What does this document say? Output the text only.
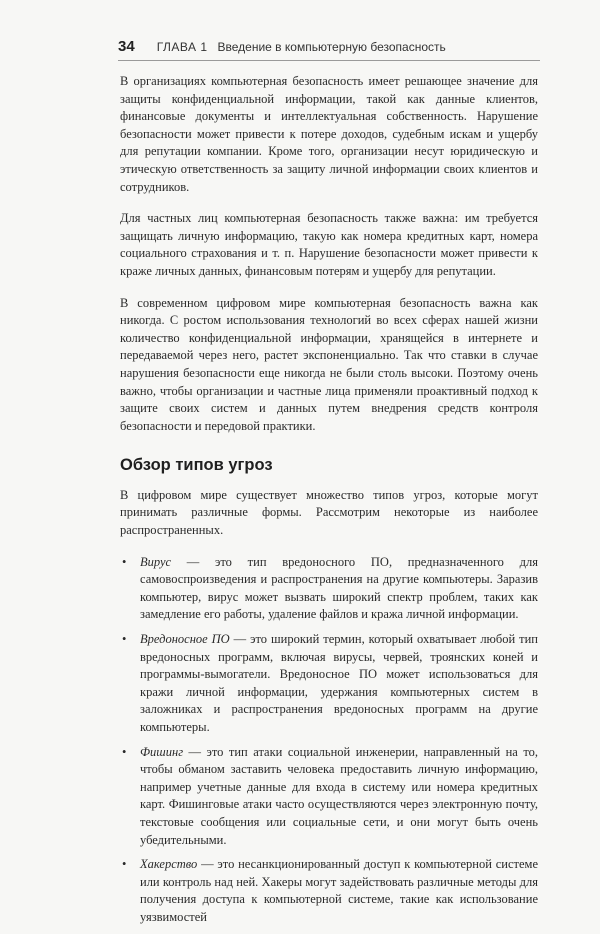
34 ГЛАВА 1 Введение в компьютерную безопасность

В организациях компьютерная безопасность имеет решающее значение для защиты конфиденциальной информации, такой как данные клиентов, финансовые документы и интеллектуальная собственность. Нарушение безопасности может привести к потере доходов, судебным искам и ущербу для репутации компании. Кроме того, организации несут юридическую и этическую ответственность за защиту личной информации своих клиентов и сотрудников.

Для частных лиц компьютерная безопасность также важна: им требуется защищать личную информацию, такую как номера кредитных карт, номера социального страхования и т. п. Нарушение безопасности может привести к краже личных данных, финансовым потерям и ущербу для репутации.

В современном цифровом мире компьютерная безопасность важна как никогда. С ростом использования технологий во всех сферах нашей жизни количество конфиденциальной информации, хранящейся в интернете и передаваемой через него, растет экспоненциально. Так что ставки в случае нарушения безопасности еще никогда не были столь высоки. Поэтому очень важно, чтобы организации и частные лица применяли проактивный подход к защите своих систем и данных путем внедрения средств контроля безопасности и передовой практики.

Обзор типов угроз

В цифровом мире существует множество типов угроз, которые могут принимать различные формы. Рассмотрим некоторые из наиболее распространенных.

• Вирус — это тип вредоносного ПО, предназначенного для самовоспроизведения и распространения на другие компьютеры. Заразив компьютер, вирус может вызвать широкий спектр проблем, таких как замедление его работы, удаление файлов и кража личной информации.
• Вредоносное ПО — это широкий термин, который охватывает любой тип вредоносных программ, включая вирусы, червей, троянских коней и программы-вымогатели. Вредоносное ПО может использоваться для кражи личной информации, удержания компьютерных систем в заложниках и распространения вредоносных программ на другие компьютеры.
• Фишинг — это тип атаки социальной инженерии, направленный на то, чтобы обманом заставить человека предоставить личную информацию, например учетные данные для входа в систему или номера кредитных карт. Фишинговые атаки часто осуществляются через электронную почту, текстовые сообщения или социальные сети, и они могут быть очень убедительными.
• Хакерство — это несанкционированный доступ к компьютерной системе или контроль над ней. Хакеры могут задействовать различные методы для получения доступа к компьютерной системе, такие как использование уязвимостей
